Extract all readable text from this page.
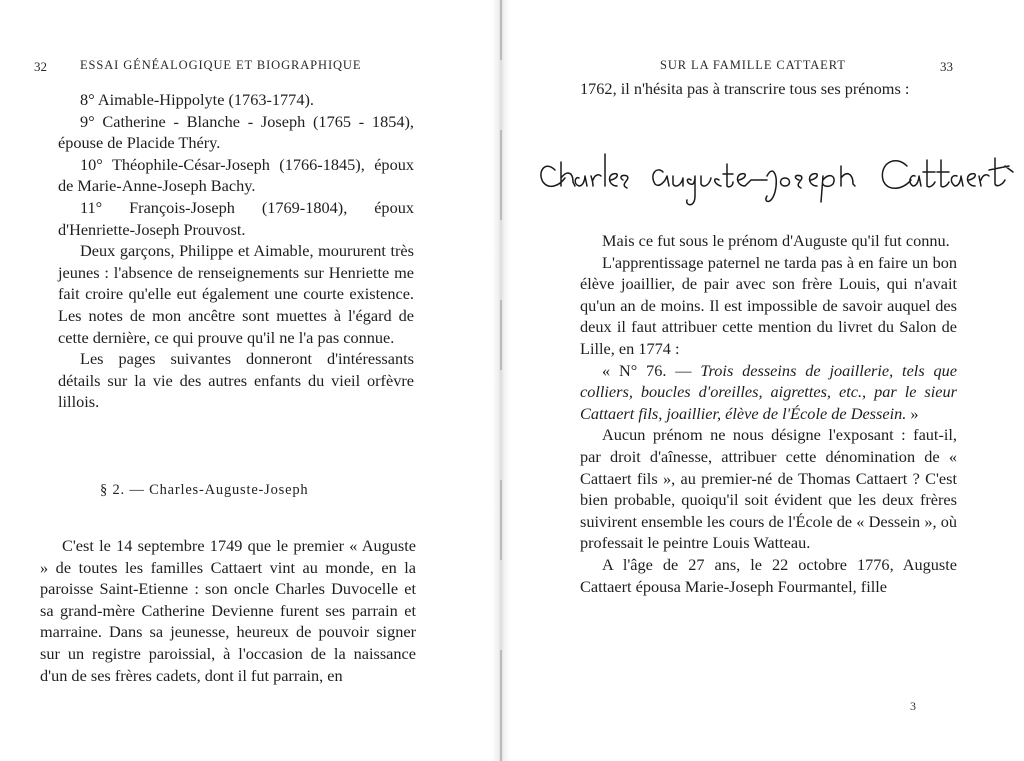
32	ESSAI GÉNÉALOGIQUE ET BIOGRAPHIQUE

8° Aimable-Hippolyte (1763-1774).

9° Catherine - Blanche - Joseph (1765 - 1854), épouse de Placide Théry.

10° Théophile-César-Joseph (1766-1845), époux de Marie-Anne-Joseph Bachy.

11° François-Joseph (1769-1804), époux d'Henriette-Joseph Prouvost.

Deux garçons, Philippe et Aimable, moururent très jeunes : l'absence de renseignements sur Henriette me fait croire qu'elle eut également une courte existence. Les notes de mon ancêtre sont muettes à l'égard de cette dernière, ce qui prouve qu'il ne l'a pas connue.

Les pages suivantes donneront d'intéressants détails sur la vie des autres enfants du vieil orfèvre lillois.

§ 2. — Charles-Auguste-Joseph

C'est le 14 septembre 1749 que le premier « Auguste » de toutes les familles Cattaert vint au monde, en la paroisse Saint-Etienne : son oncle Charles Duvocelle et sa grand-mère Catherine Devienne furent ses parrain et marraine. Dans sa jeunesse, heureux de pouvoir signer sur un registre paroissial, à l'occasion de la naissance d'un de ses frères cadets, dont il fut parrain, en

SUR LA FAMILLE CATTAERT	33

1762, il n'hésita pas à transcrire tous ses prénoms :

Mais ce fut sous le prénom d'Auguste qu'il fut connu.

L'apprentissage paternel ne tarda pas à en faire un bon élève joaillier, de pair avec son frère Louis, qui n'avait qu'un an de moins. Il est impossible de savoir auquel des deux il faut attribuer cette mention du livret du Salon de Lille, en 1774 :

« N° 76. — Trois desseins de joaillerie, tels que colliers, boucles d'oreilles, aigrettes, etc., par le sieur Cattaert fils, joaillier, élève de l'École de Dessein. »

Aucun prénom ne nous désigne l'exposant : faut-il, par droit d'aînesse, attribuer cette dénomination de « Cattaert fils », au premier-né de Thomas Cattaert ? C'est bien probable, quoiqu'il soit évident que les deux frères suivirent ensemble les cours de l'École de « Dessein », où professait le peintre Louis Watteau.

A l'âge de 27 ans, le 22 octobre 1776, Auguste Cattaert épousa Marie-Joseph Fourmantel, fille

3
